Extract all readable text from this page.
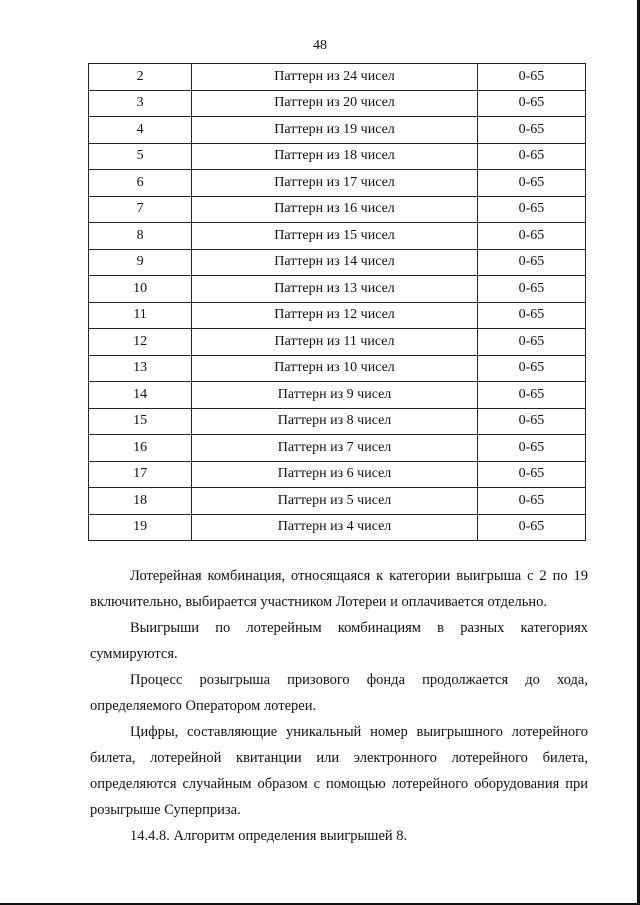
48
2	Паттерн из 24 чисел	0-65
3	Паттерн из 20 чисел	0-65
4	Паттерн из 19 чисел	0-65
5	Паттерн из 18 чисел	0-65
6	Паттерн из 17 чисел	0-65
7	Паттерн из 16 чисел	0-65
8	Паттерн из 15 чисел	0-65
9	Паттерн из 14 чисел	0-65
10	Паттерн из 13 чисел	0-65
11	Паттерн из 12 чисел	0-65
12	Паттерн из 11 чисел	0-65
13	Паттерн из 10 чисел	0-65
14	Паттерн из 9 чисел	0-65
15	Паттерн из 8 чисел	0-65
16	Паттерн из 7 чисел	0-65
17	Паттерн из 6 чисел	0-65
18	Паттерн из 5 чисел	0-65
19	Паттерн из 4 чисел	0-65

Лотерейная комбинация, относящаяся к категории выигрыша с 2 по 19 включительно, выбирается участником Лотереи и оплачивается отдельно.

Выигрыши по лотерейным комбинациям в разных категориях суммируются.

Процесс розыгрыша призового фонда продолжается до хода, определяемого Оператором лотереи.

Цифры, составляющие уникальный номер выигрышного лотерейного билета, лотерейной квитанции или электронного лотерейного билета, определяются случайным образом с помощью лотерейного оборудования при розыгрыше Суперприза.

14.4.8. Алгоритм определения выигрышей 8.
